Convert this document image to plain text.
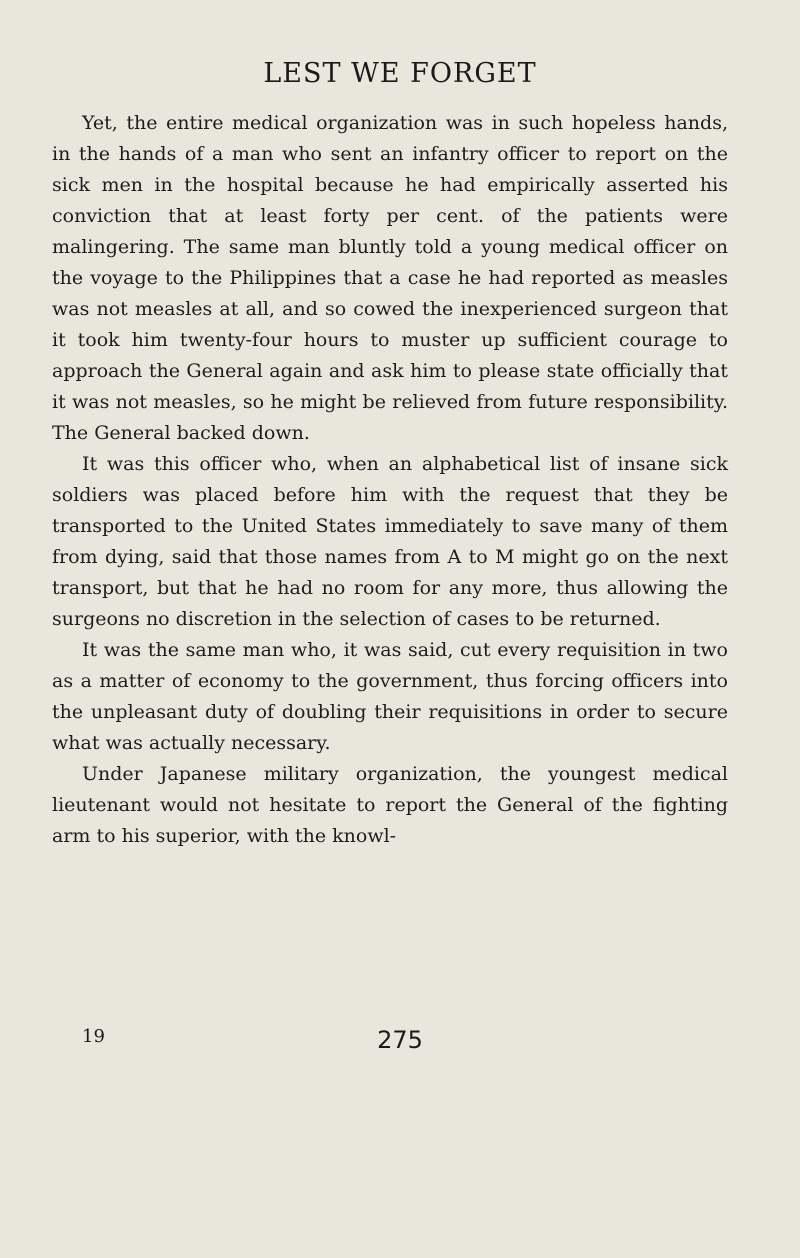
LEST WE FORGET

Yet, the entire medical organization was in such hopeless hands, in the hands of a man who sent an infantry officer to report on the sick men in the hospital because he had empirically asserted his conviction that at least forty per cent. of the patients were malingering. The same man bluntly told a young medical officer on the voyage to the Philippines that a case he had reported as measles was not measles at all, and so cowed the inexperienced surgeon that it took him twenty-four hours to muster up sufficient courage to approach the General again and ask him to please state officially that it was not measles, so he might be relieved from future responsibility. The General backed down.

It was this officer who, when an alphabetical list of insane sick soldiers was placed before him with the request that they be transported to the United States immediately to save many of them from dying, said that those names from A to M might go on the next transport, but that he had no room for any more, thus allowing the surgeons no discretion in the selection of cases to be returned.

It was the same man who, it was said, cut every requisition in two as a matter of economy to the government, thus forcing officers into the unpleasant duty of doubling their requisitions in order to secure what was actually necessary.

Under Japanese military organization, the youngest medical lieutenant would not hesitate to report the General of the fighting arm to his superior, with the knowl-

19	275
